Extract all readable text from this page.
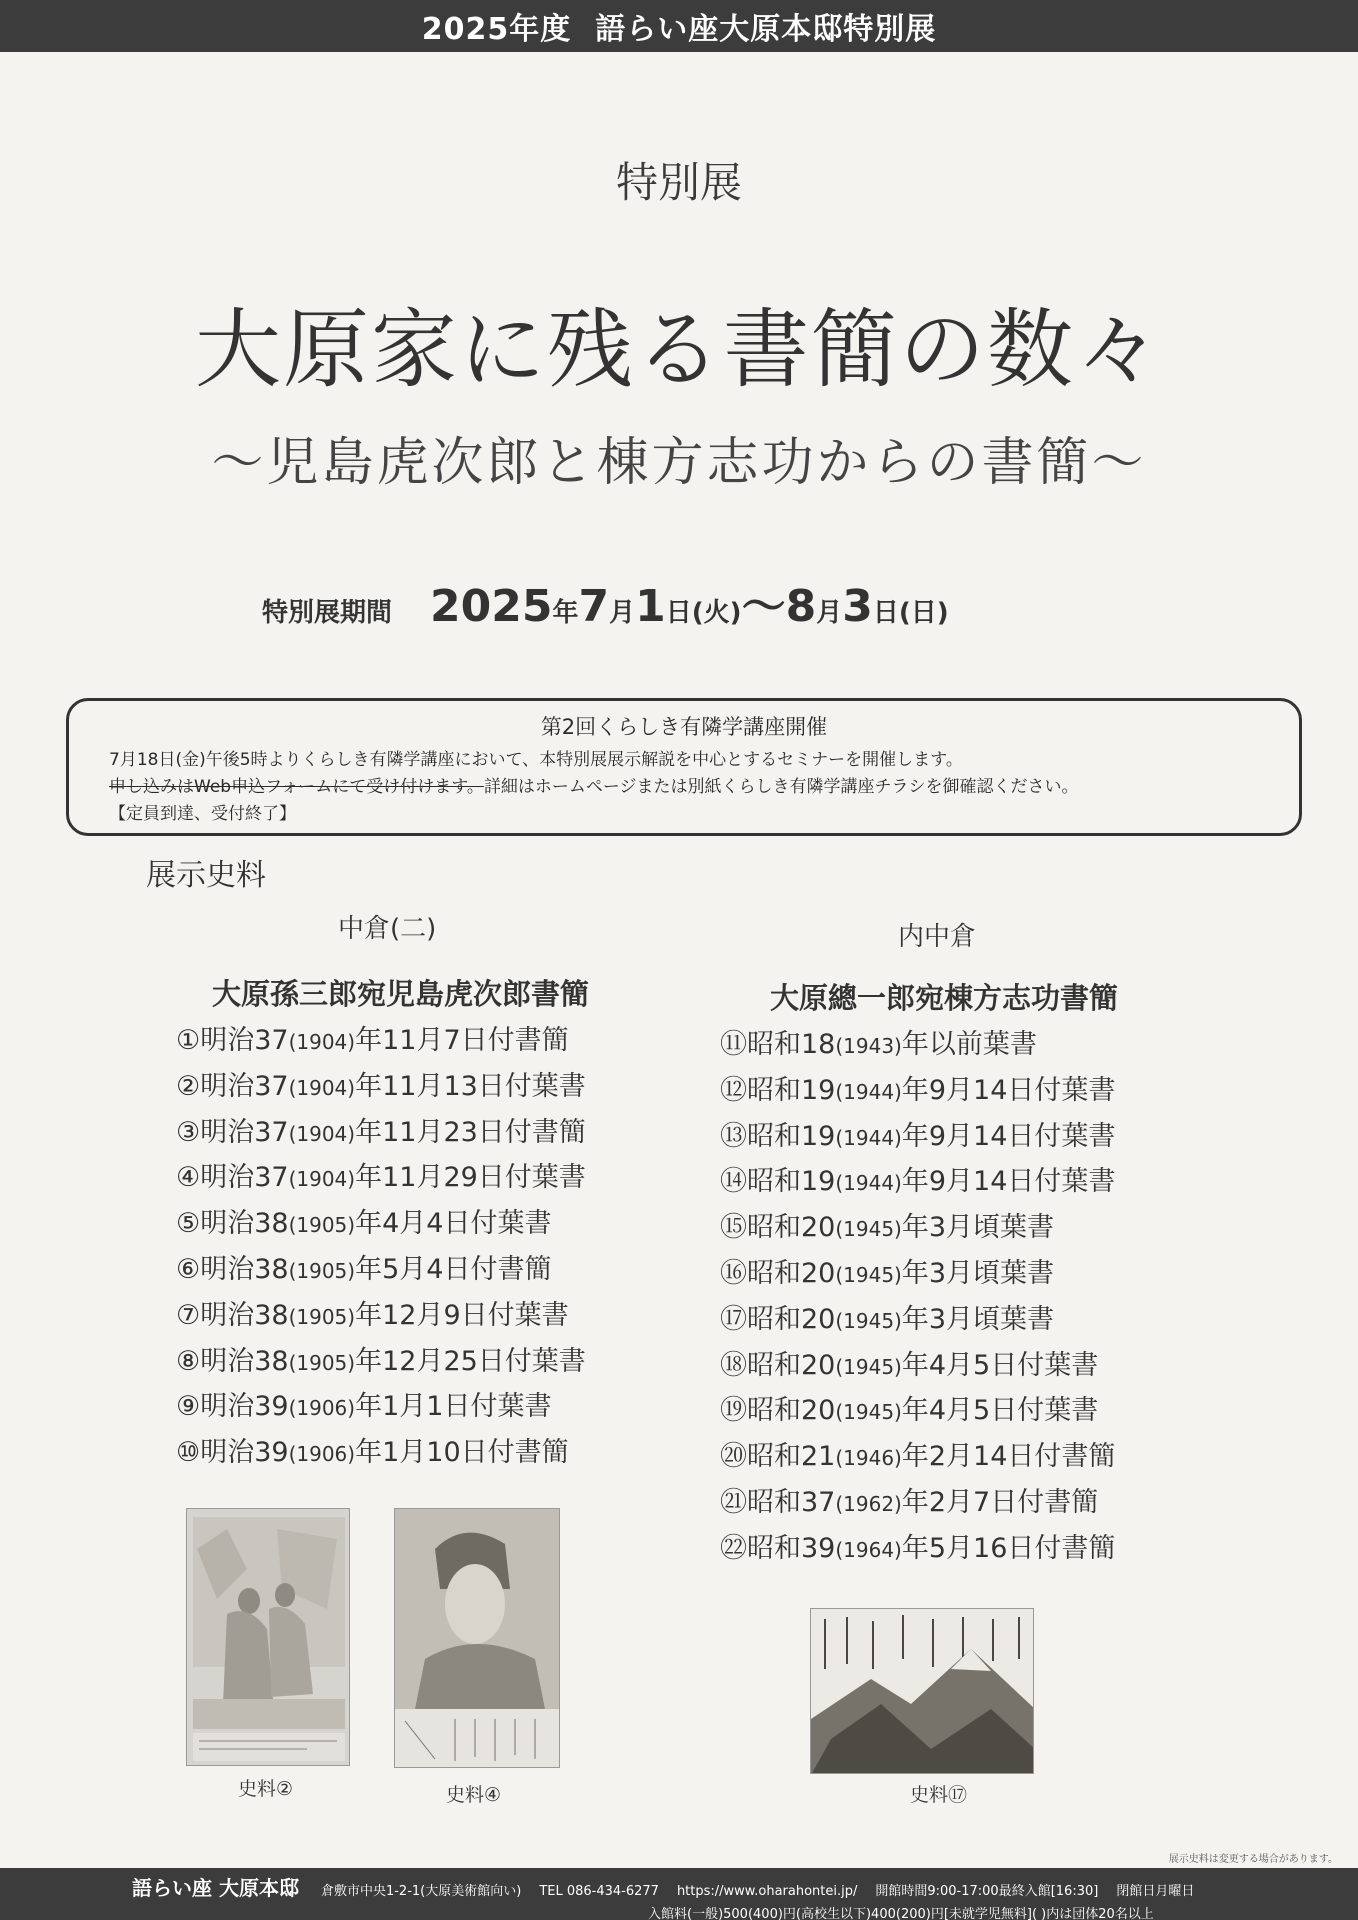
2025年度 語らい座大原本邸特別展
特別展
大原家に残る書簡の数々
～児島虎次郎と棟方志功からの書簡～
特別展期間 2025 年 7 月 1 日 (火) ～ 8 月 3 日 (日)
第2回くらしき有隣学講座開催
7月18日(金)午後5時よりくらしき有隣学講座において、本特別展展示解説を中心とするセミナーを開催します。
申し込みはWeb申込フォームにて受け付けます。詳細はホームページまたは別紙くらしき有隣学講座チラシを御確認ください。
【定員到達、受付終了】
展示史料
中倉(二)
大原孫三郎宛児島虎次郎書簡
①明治37(1904)年11月7日付書簡
②明治37(1904)年11月13日付葉書
③明治37(1904)年11月23日付書簡
④明治37(1904)年11月29日付葉書
⑤明治38(1905)年4月4日付葉書
⑥明治38(1905)年5月4日付書簡
⑦明治38(1905)年12月9日付葉書
⑧明治38(1905)年12月25日付葉書
⑨明治39(1906)年1月1日付葉書
⑩明治39(1906)年1月10日付書簡
内中倉
大原總一郎宛棟方志功書簡
⑪昭和18(1943)年以前葉書
⑫昭和19(1944)年9月14日付葉書
⑬昭和19(1944)年9月14日付葉書
⑭昭和19(1944)年9月14日付葉書
⑮昭和20(1945)年3月頃葉書
⑯昭和20(1945)年3月頃葉書
⑰昭和20(1945)年3月頃葉書
⑱昭和20(1945)年4月5日付葉書
⑲昭和20(1945)年4月5日付葉書
⑳昭和21(1946)年2月14日付書簡
㉑昭和37(1962)年2月7日付書簡
㉒昭和39(1964)年5月16日付書簡
史料②	史料④	史料⑰
展示史料は変更する場合があります。
語らい座 大原本邸 倉敷市中央1-2-1(大原美術館向い) TEL 086-434-6277 https://www.oharahontei.jp/ 開館時間9:00-17:00最終入館[16:30] 閉館日月曜日
入館料(一般)500(400)円(高校生以下)400(200)円[未就学児無料]( )内は団体20名以上
